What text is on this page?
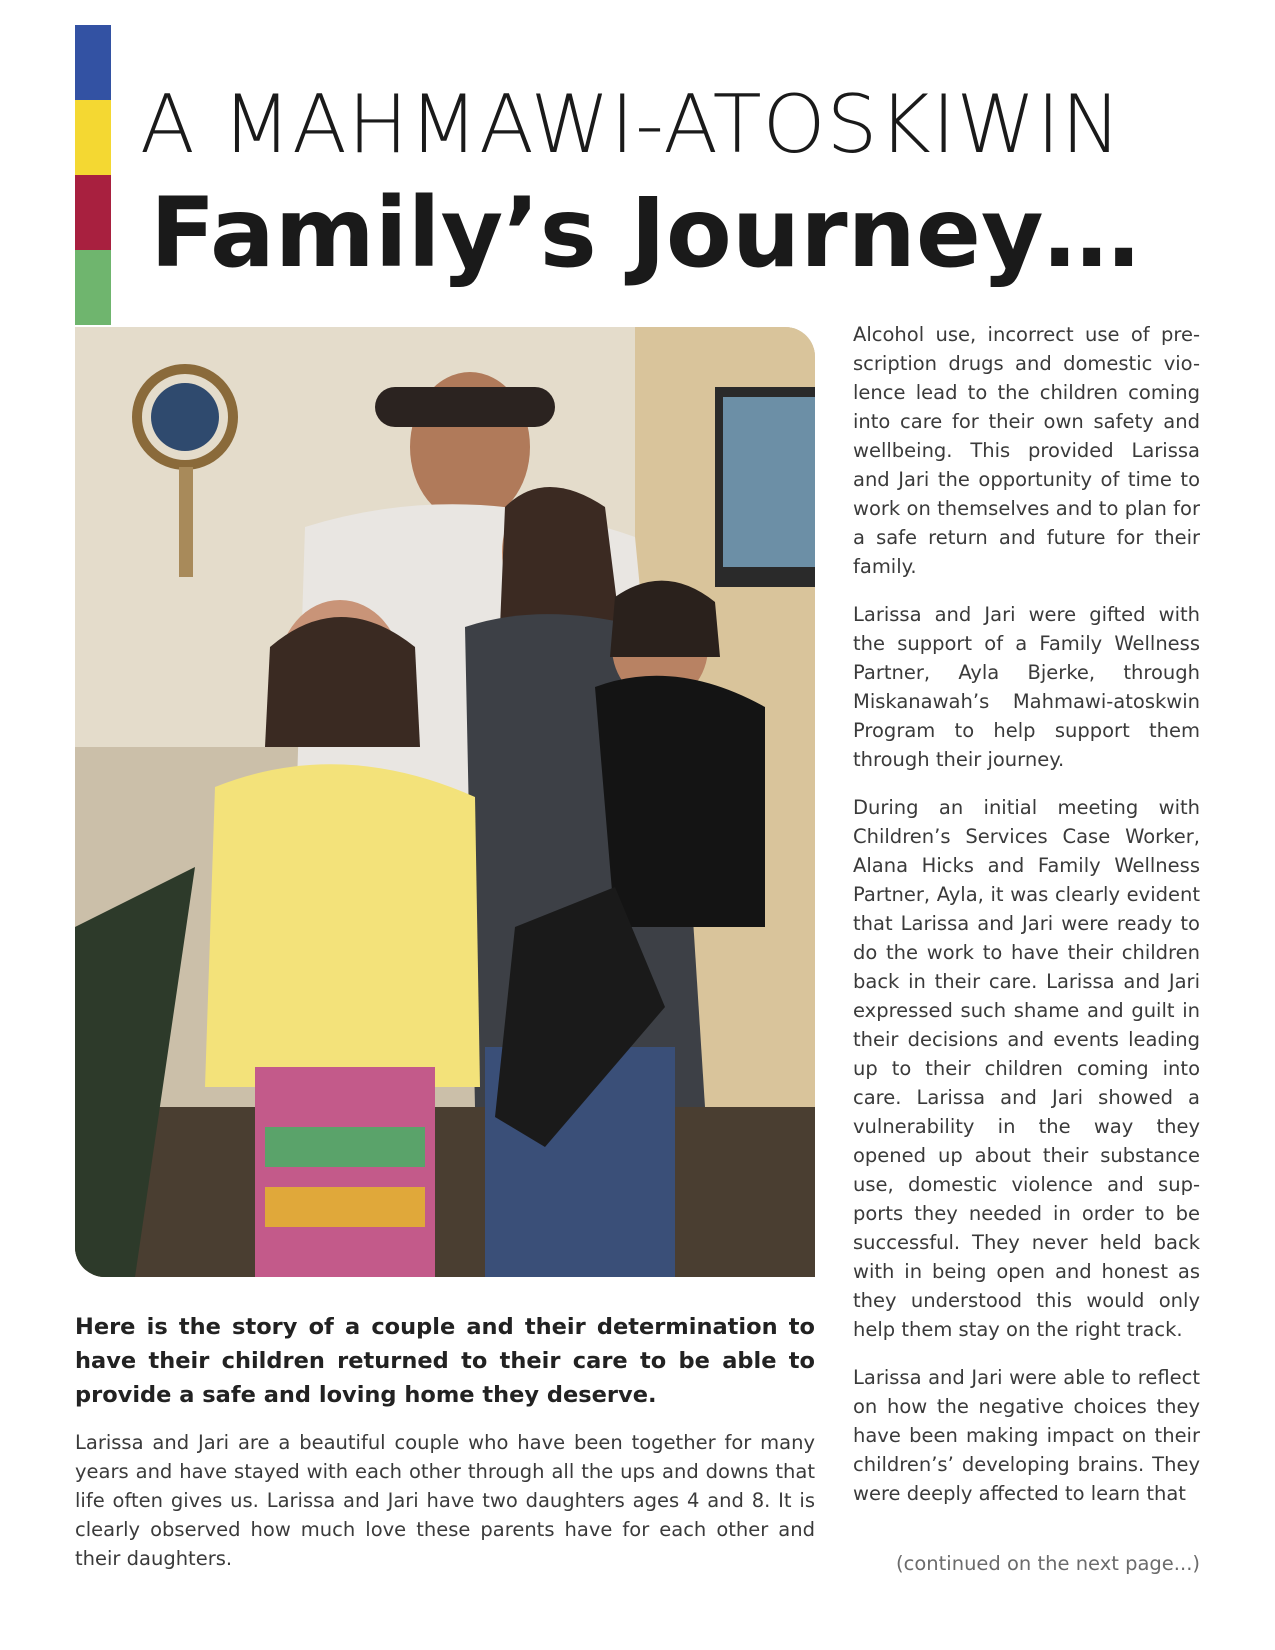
A MAHMAWI-ATOSKIWIN
Family’s Journey…

Alcohol use, incorrect use of pre-scription drugs and domestic vio-lence lead to the children coming into care for their own safety and wellbeing. This provided Larissa and Jari the opportunity of time to work on themselves and to plan for a safe return and future for their family.

Larissa and Jari were gifted with the support of a Family Wellness Partner, Ayla Bjerke, through Miskanawah’s Mahmawi-atoskwin Program to help support them through their journey.

During an initial meeting with Children’s Services Case Worker, Alana Hicks and Family Wellness Partner, Ayla, it was clearly evident that Larissa and Jari were ready to do the work to have their children back in their care. Larissa and Jari expressed such shame and guilt in their decisions and events leading up to their children coming into care. Larissa and Jari showed a vulnerability in the way they opened up about their substance use, domestic violence and sup-ports they needed in order to be successful. They never held back with in being open and honest as they understood this would only help them stay on the right track.

Larissa and Jari were able to reflect on how the negative choices they have been making impact on their children’s’ developing brains. They were deeply affected to learn that

Here is the story of a couple and their determination to have their children returned to their care to be able to provide a safe and loving home they deserve.

Larissa and Jari are a beautiful couple who have been together for many years and have stayed with each other through all the ups and downs that life often gives us. Larissa and Jari have two daughters ages 4 and 8. It is clearly observed how much love these parents have for each other and their daughters.	(continued on the next page...)
